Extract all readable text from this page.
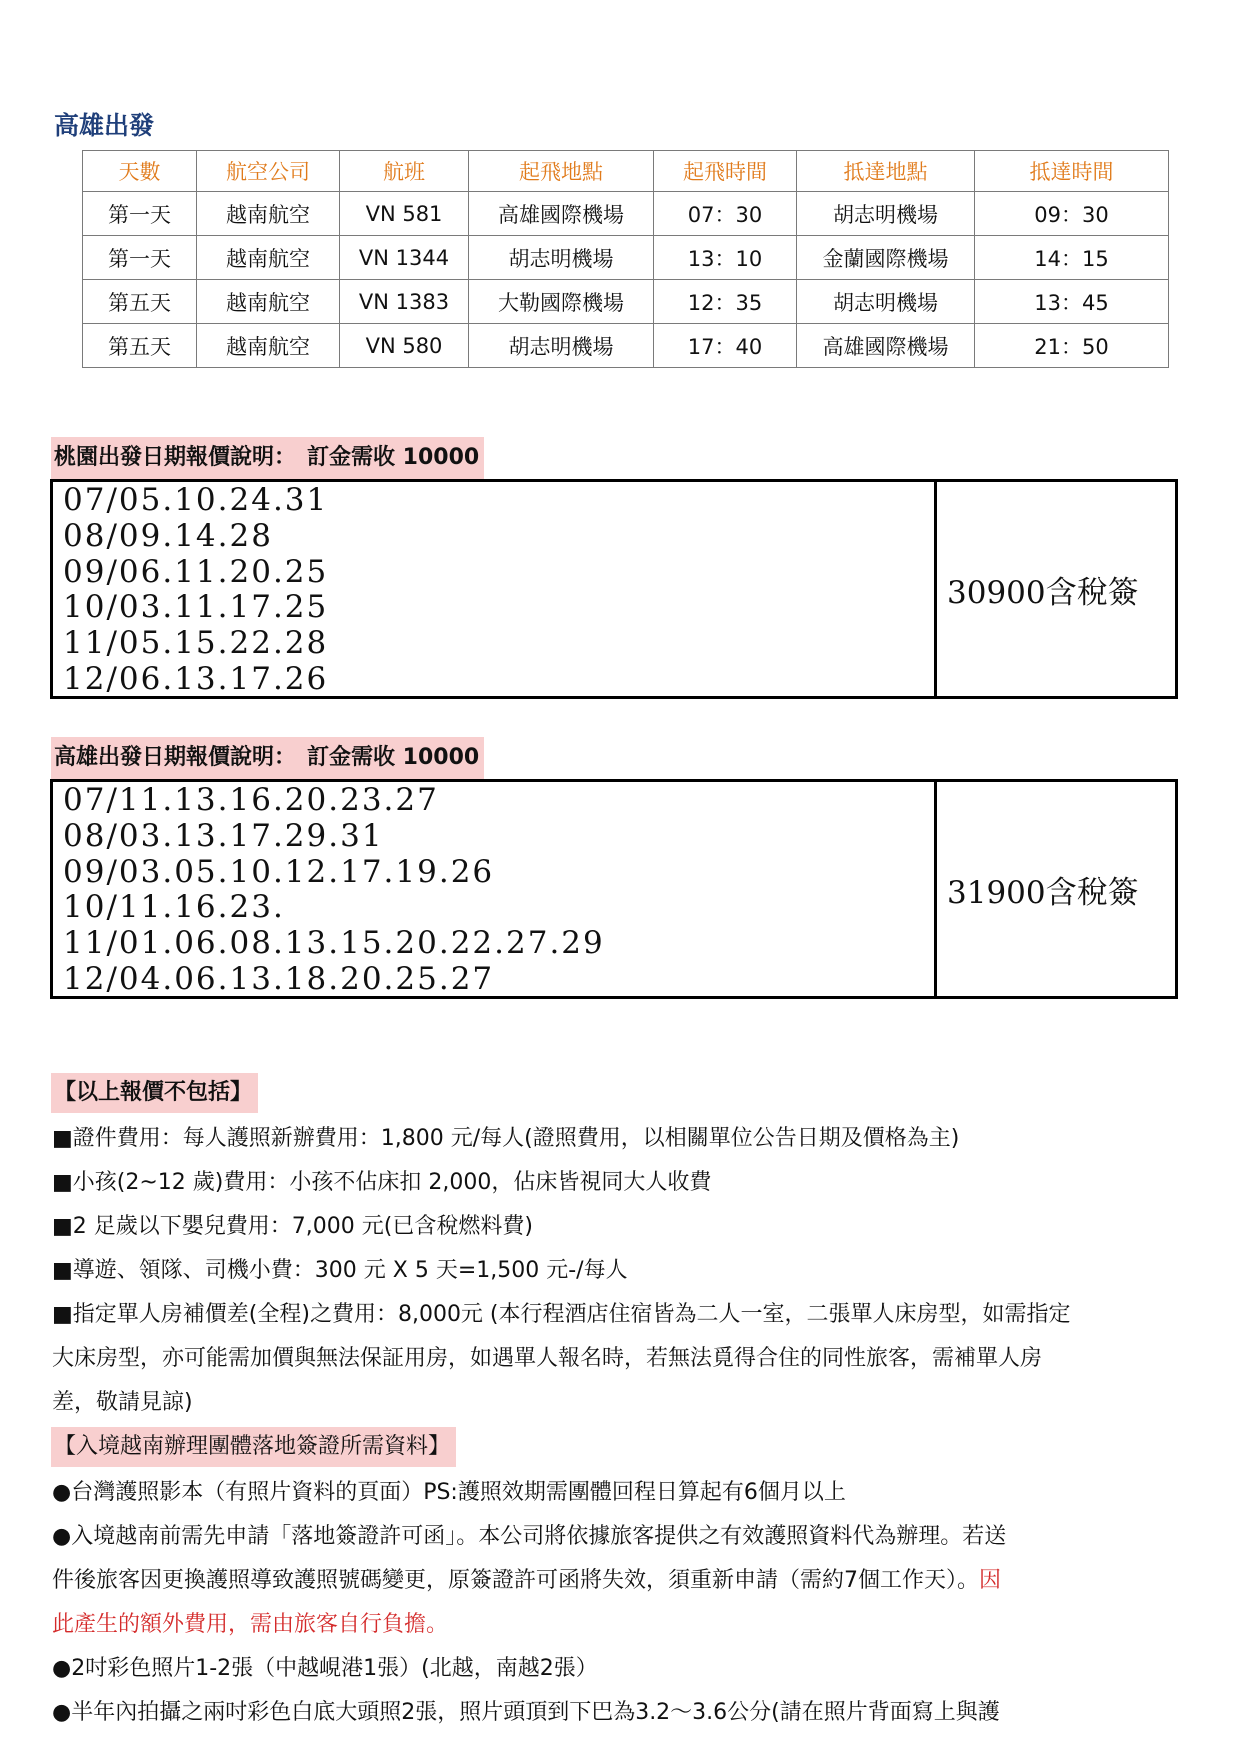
高雄出發
天數	航空公司	航班	起飛地點	起飛時間	抵達地點	抵達時間
第一天	越南航空	VN 581	高雄國際機場	07：30	胡志明機場	09：30
第一天	越南航空	VN 1344	胡志明機場	13：10	金蘭國際機場	14：15
第五天	越南航空	VN 1383	大勒國際機場	12：35	胡志明機場	13：45
第五天	越南航空	VN 580	胡志明機場	17：40	高雄國際機場	21：50
桃園出發日期報價說明：　訂金需收 10000
07/05.10.24.31
08/09.14.28
09/06.11.20.25
10/03.11.17.25
11/05.15.22.28
12/06.13.17.26
30900含稅簽
高雄出發日期報價說明：　訂金需收 10000
07/11.13.16.20.23.27
08/03.13.17.29.31
09/03.05.10.12.17.19.26
10/11.16.23.
11/01.06.08.13.15.20.22.27.29
12/04.06.13.18.20.25.27
31900含稅簽
【以上報價不包括】
■證件費用：每人護照新辦費用：1,800 元/每人(證照費用，以相關單位公告日期及價格為主)
■小孩(2~12 歲)費用：小孩不佔床扣 2,000，佔床皆視同大人收費
■2 足歲以下嬰兒費用：7,000 元(已含稅燃料費)
■導遊、領隊、司機小費：300 元 X 5 天=1,500 元-/每人
■指定單人房補價差(全程)之費用：8,000元 (本行程酒店住宿皆為二人一室，二張單人床房型，如需指定
大床房型，亦可能需加價與無法保証用房，如遇單人報名時，若無法覓得合住的同性旅客，需補單人房
差，敬請見諒)
【入境越南辦理團體落地簽證所需資料】
●台灣護照影本（有照片資料的頁面）PS:護照效期需團體回程日算起有6個月以上
●入境越南前需先申請「落地簽證許可函」。本公司將依據旅客提供之有效護照資料代為辦理。若送
件後旅客因更換護照導致護照號碼變更，原簽證許可函將失效，須重新申請（需約7個工作天）。因
此產生的額外費用，需由旅客自行負擔。
●2吋彩色照片1-2張（中越峴港1張）(北越，南越2張）
●半年內拍攝之兩吋彩色白底大頭照2張，照片頭頂到下巴為3.2～3.6公分(請在照片背面寫上與護
